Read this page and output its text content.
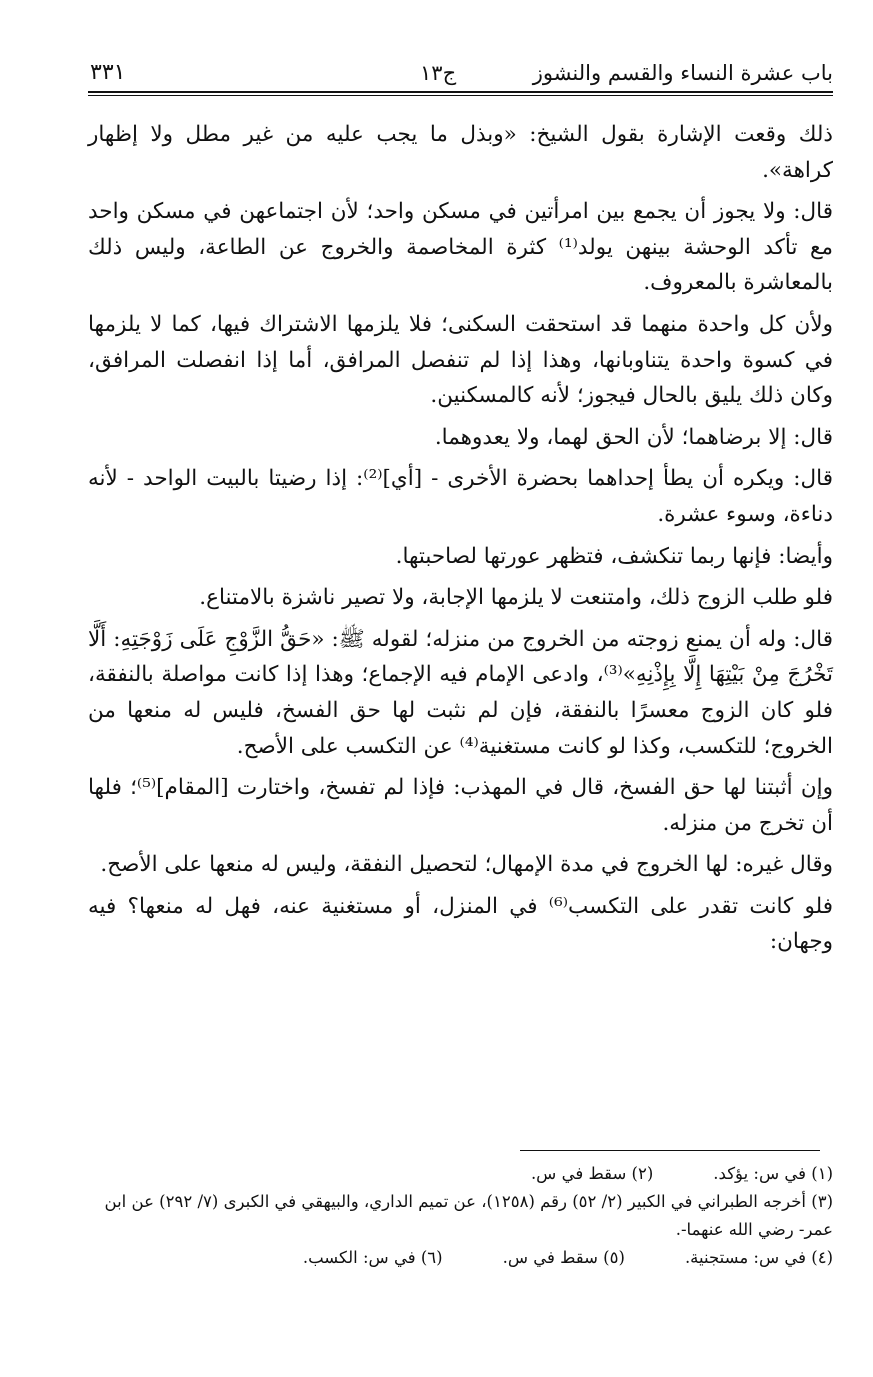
باب عشرة النساء والقسم والنشوز
ج١٣
٣٣١

ذلك وقعت الإشارة بقول الشيخ: «وبذل ما يجب عليه من غير مطل ولا إظهار كراهة».

قال: ولا يجوز أن يجمع بين امرأتين في مسكن واحد؛ لأن اجتماعهن في مسكن واحد مع تأكد الوحشة بينهن يولد⁽¹⁾ كثرة المخاصمة والخروج عن الطاعة، وليس ذلك بالمعاشرة بالمعروف.

ولأن كل واحدة منهما قد استحقت السكنى؛ فلا يلزمها الاشتراك فيها، كما لا يلزمها في كسوة واحدة يتناوبانها، وهذا إذا لم تنفصل المرافق، أما إذا انفصلت المرافق، وكان ذلك يليق بالحال فيجوز؛ لأنه كالمسكنين.

قال: إلا برضاهما؛ لأن الحق لهما، ولا يعدوهما.

قال: ويكره أن يطأ إحداهما بحضرة الأخرى - [أي]⁽²⁾: إذا رضيتا بالبيت الواحد - لأنه دناءة، وسوء عشرة.

وأيضا: فإنها ربما تنكشف، فتظهر عورتها لصاحبتها.

فلو طلب الزوج ذلك، وامتنعت لا يلزمها الإجابة، ولا تصير ناشزة بالامتناع.

قال: وله أن يمنع زوجته من الخروج من منزله؛ لقوله ﷺ: «حَقُّ الزَّوْجِ عَلَى زَوْجَتِهِ: أَلَّا تَخْرُجَ مِنْ بَيْتِهَا إِلَّا بِإِذْنِهِ»⁽³⁾، وادعى الإمام فيه الإجماع؛ وهذا إذا كانت مواصلة بالنفقة، فلو كان الزوج معسرًا بالنفقة، فإن لم نثبت لها حق الفسخ، فليس له منعها من الخروج؛ للتكسب، وكذا لو كانت مستغنية⁽⁴⁾ عن التكسب على الأصح.

وإن أثبتنا لها حق الفسخ، قال في المهذب: فإذا لم تفسخ، واختارت [المقام]⁽⁵⁾؛ فلها أن تخرج من منزله.

وقال غيره: لها الخروج في مدة الإمهال؛ لتحصيل النفقة، وليس له منعها على الأصح.

فلو كانت تقدر على التكسب⁽⁶⁾ في المنزل، أو مستغنية عنه، فهل له منعها؟ فيه وجهان:

(١) في س: يؤكد.(٢) سقط في س.
(٣) أخرجه الطبراني في الكبير (٢/ ٥٢) رقم (١٢٥٨)، عن تميم الداري، والبيهقي في الكبرى (٧/ ٢٩٢) عن ابن عمر- رضي الله عنهما-.
(٤) في س: مستجنية.(٥) سقط في س.(٦) في س: الكسب.
